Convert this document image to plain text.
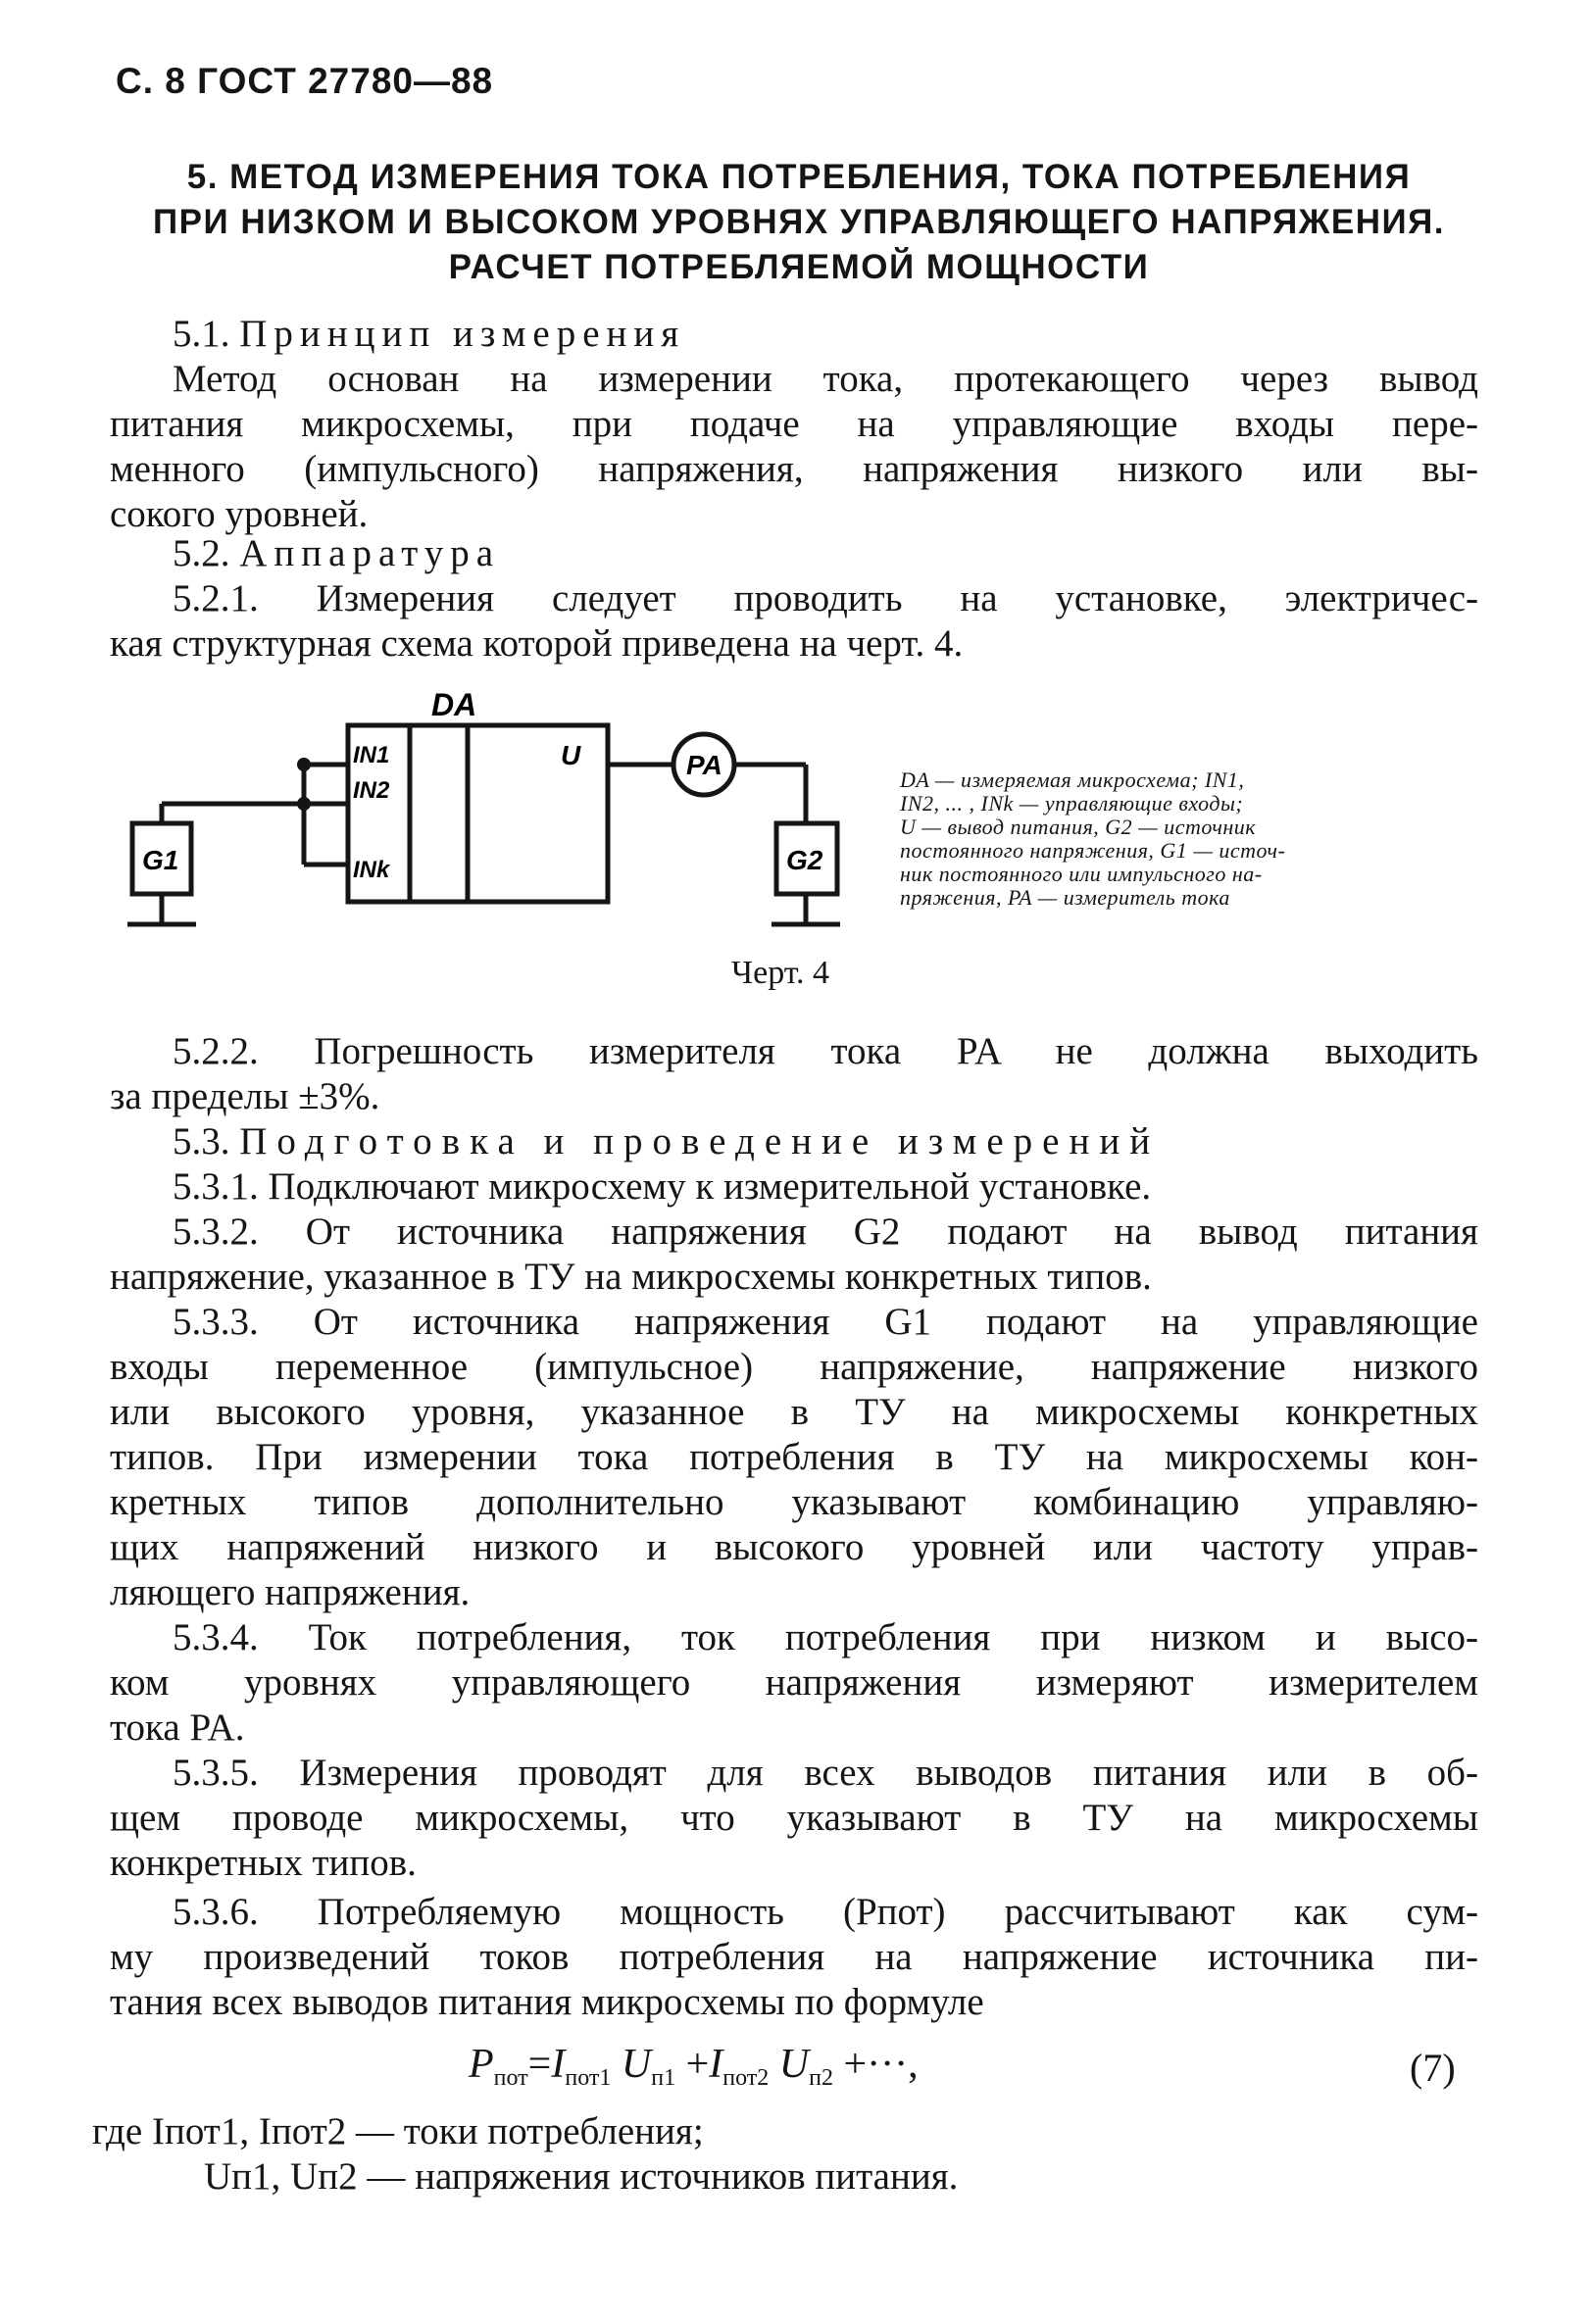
С. 8 ГОСТ 27780—88
5. МЕТОД ИЗМЕРЕНИЯ ТОКА ПОТРЕБЛЕНИЯ, ТОКА ПОТРЕБЛЕНИЯ
ПРИ НИЗКОМ И ВЫСОКОМ УРОВНЯХ УПРАВЛЯЮЩЕГО НАПРЯЖЕНИЯ.
РАСЧЕТ ПОТРЕБЛЯЕМОЙ МОЩНОСТИ
5.1. Принцип измерения
Метод основан на измерении тока, протекающего через вывод
питания микросхемы, при подаче на управляющие входы пере-
менного (импульсного) напряжения, напряжения низкого или вы-
сокого уровней.
5.2. Аппаратура
5.2.1. Измерения следует проводить на установке, электричес-
кая структурная схема которой приведена на черт. 4.
DA
IN1
IN2
INk
U	PA
G1	G2
DA — измеряемая микросхема; IN1,
IN2, ... , INk — управляющие входы;
U — вывод питания, G2 — источник
постоянного напряжения, G1 — источ-
ник постоянного или импульсного на-
пряжения, PA — измеритель тока
Черт. 4
5.2.2. Погрешность измерителя тока PA не должна выходить
за пределы ±3%.
5.3. Подготовка и проведение измерений
5.3.1. Подключают микросхему к измерительной установке.
5.3.2. От источника напряжения G2 подают на вывод питания
напряжение, указанное в ТУ на микросхемы конкретных типов.
5.3.3. От источника напряжения G1 подают на управляющие
входы переменное (импульсное) напряжение, напряжение низкого
или высокого уровня, указанное в ТУ на микросхемы конкретных
типов. При измерении тока потребления в ТУ на микросхемы кон-
кретных типов дополнительно указывают комбинацию управляю-
щих напряжений низкого и высокого уровней или частоту управ-
ляющего напряжения.
5.3.4. Ток потребления, ток потребления при низком и высо-
ком уровнях управляющего напряжения измеряют измерителем
тока PA.
5.3.5. Измерения проводят для всех выводов питания или в об-
щем проводе микросхемы, что указывают в ТУ на микросхемы
конкретных типов.
5.3.6. Потребляемую мощность (Pпот) рассчитывают как сум-
му произведений токов потребления на напряжение источника пи-
тания всех выводов питания микросхемы по формуле
$P_{пот}=I_{пот1}$ $U_{п1} +I_{пот2}$ $U_{п2}$ +···,	(7)
где Iпот1, Iпот2 — токи потребления;
Uп1, Uп2 — напряжения источников питания.
